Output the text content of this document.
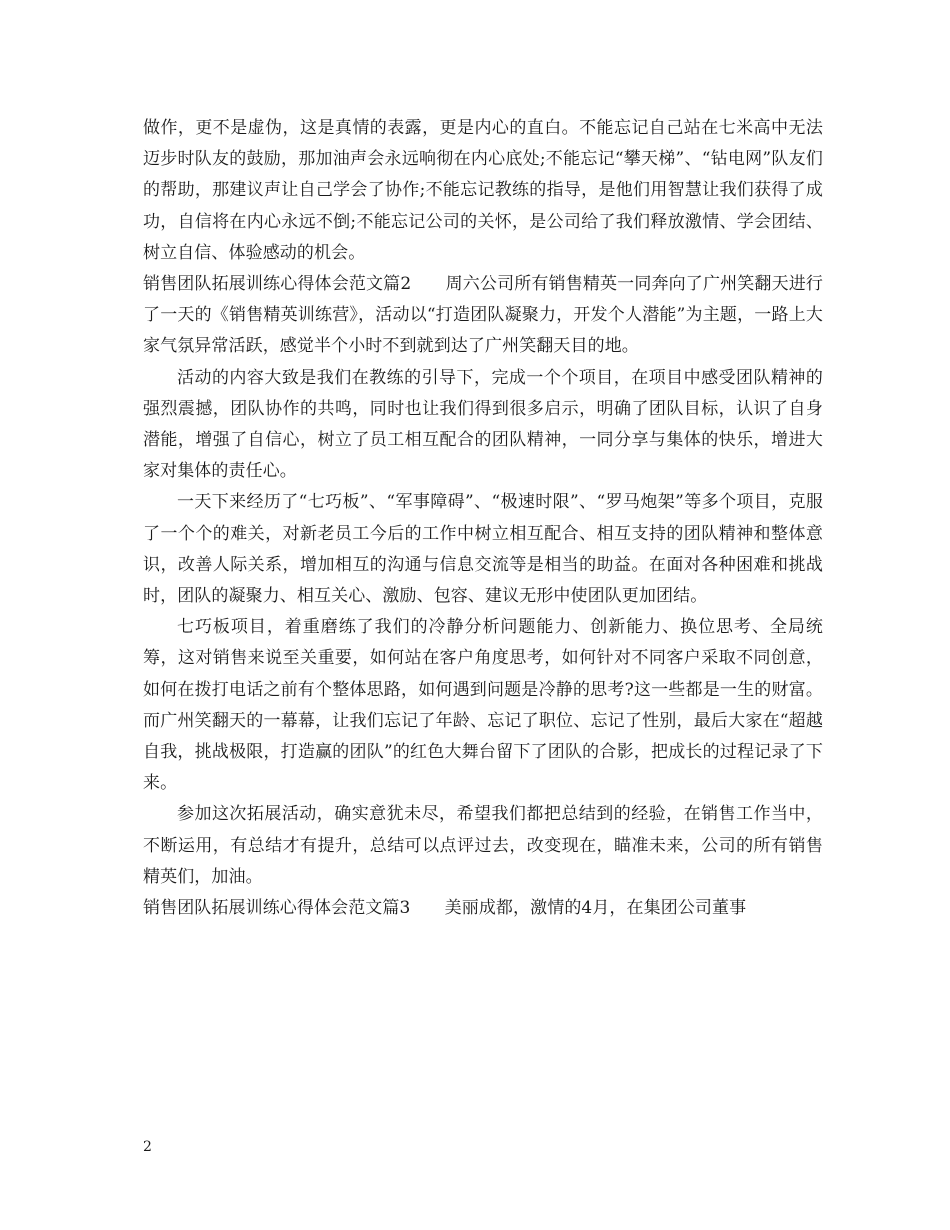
做作，更不是虚伪，这是真情的表露，更是内心的直白。不能忘记自己站在七米高中无法迈步时队友的鼓励，那加油声会永远响彻在内心底处;不能忘记“攀天梯”、“钻电网”队友们的帮助，那建议声让自己学会了协作;不能忘记教练的指导，是他们用智慧让我们获得了成功，自信将在内心永远不倒;不能忘记公司的关怀，是公司给了我们释放激情、学会团结、树立自信、体验感动的机会。

销售团队拓展训练心得体会范文篇2　　周六公司所有销售精英一同奔向了广州笑翻天进行了一天的《销售精英训练营》，活动以“打造团队凝聚力，开发个人潜能”为主题，一路上大家气氛异常活跃，感觉半个小时不到就到达了广州笑翻天目的地。

活动的内容大致是我们在教练的引导下，完成一个个项目，在项目中感受团队精神的强烈震撼，团队协作的共鸣，同时也让我们得到很多启示，明确了团队目标，认识了自身潜能，增强了自信心，树立了员工相互配合的团队精神，一同分享与集体的快乐，增进大家对集体的责任心。

一天下来经历了“七巧板”、“军事障碍”、“极速时限”、“罗马炮架”等多个项目，克服了一个个的难关，对新老员工今后的工作中树立相互配合、相互支持的团队精神和整体意识，改善人际关系，增加相互的沟通与信息交流等是相当的助益。在面对各种困难和挑战时，团队的凝聚力、相互关心、激励、包容、建议无形中使团队更加团结。

七巧板项目，着重磨练了我们的冷静分析问题能力、创新能力、换位思考、全局统筹，这对销售来说至关重要，如何站在客户角度思考，如何针对不同客户采取不同创意，如何在拨打电话之前有个整体思路，如何遇到问题是冷静的思考?这一些都是一生的财富。而广州笑翻天的一幕幕，让我们忘记了年龄、忘记了职位、忘记了性别，最后大家在“超越自我，挑战极限，打造赢的团队”的红色大舞台留下了团队的合影，把成长的过程记录了下来。

参加这次拓展活动，确实意犹未尽，希望我们都把总结到的经验，在销售工作当中，不断运用，有总结才有提升，总结可以点评过去，改变现在，瞄准未来，公司的所有销售精英们，加油。

销售团队拓展训练心得体会范文篇3　　美丽成都，激情的4月，在集团公司董事

2
